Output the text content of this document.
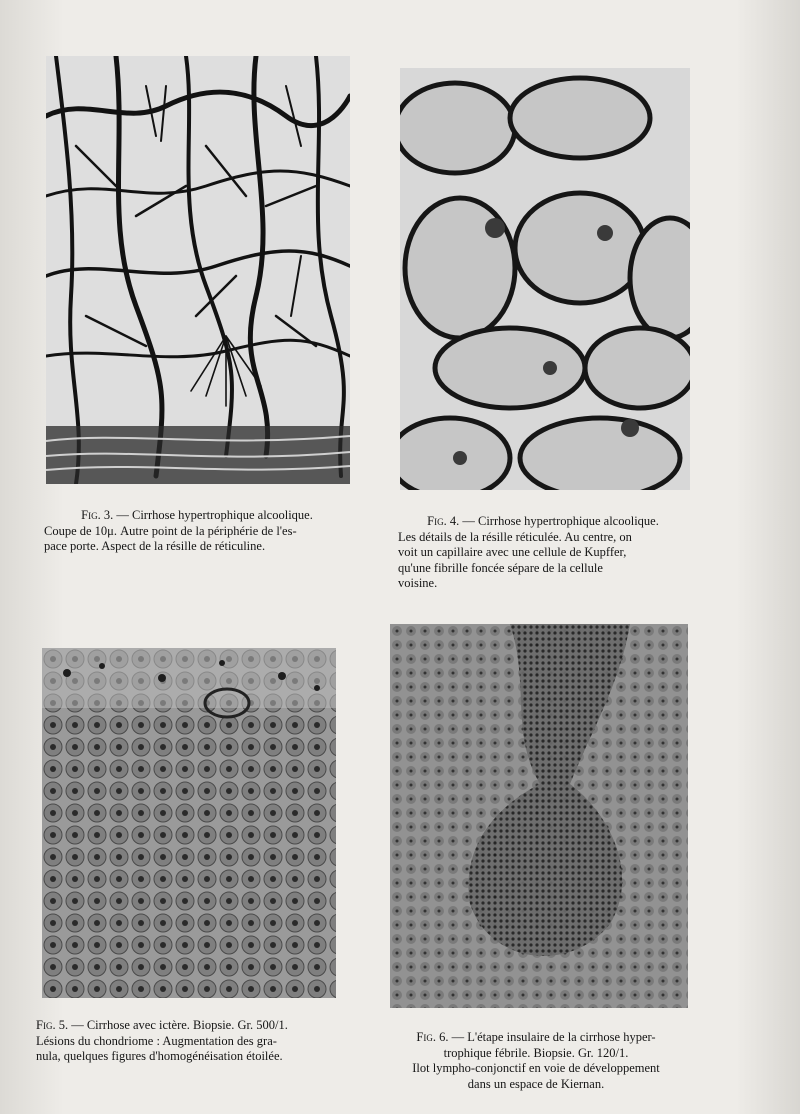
Fig. 3. — Cirrhose hypertrophique alcoolique.

Coupe de 10μ. Autre point de la périphérie de l'es-

pace porte. Aspect de la résille de réticuline.

Fig. 4. — Cirrhose hypertrophique alcoolique.

Les détails de la résille réticulée. Au centre, on

voit un capillaire avec une cellule de Kupffer,

qu'une fibrille foncée sépare de la cellule

voisine.

Fig. 5. — Cirrhose avec ictère. Biopsie. Gr. 500/1.

Lésions du chondriome : Augmentation des gra-

nula, quelques figures d'homogénéisation étoilée.

Fig. 6. — L'étape insulaire de la cirrhose hyper-

trophique fébrile. Biopsie. Gr. 120/1.

Ilot lympho-conjonctif en voie de développement

dans un espace de Kiernan.
